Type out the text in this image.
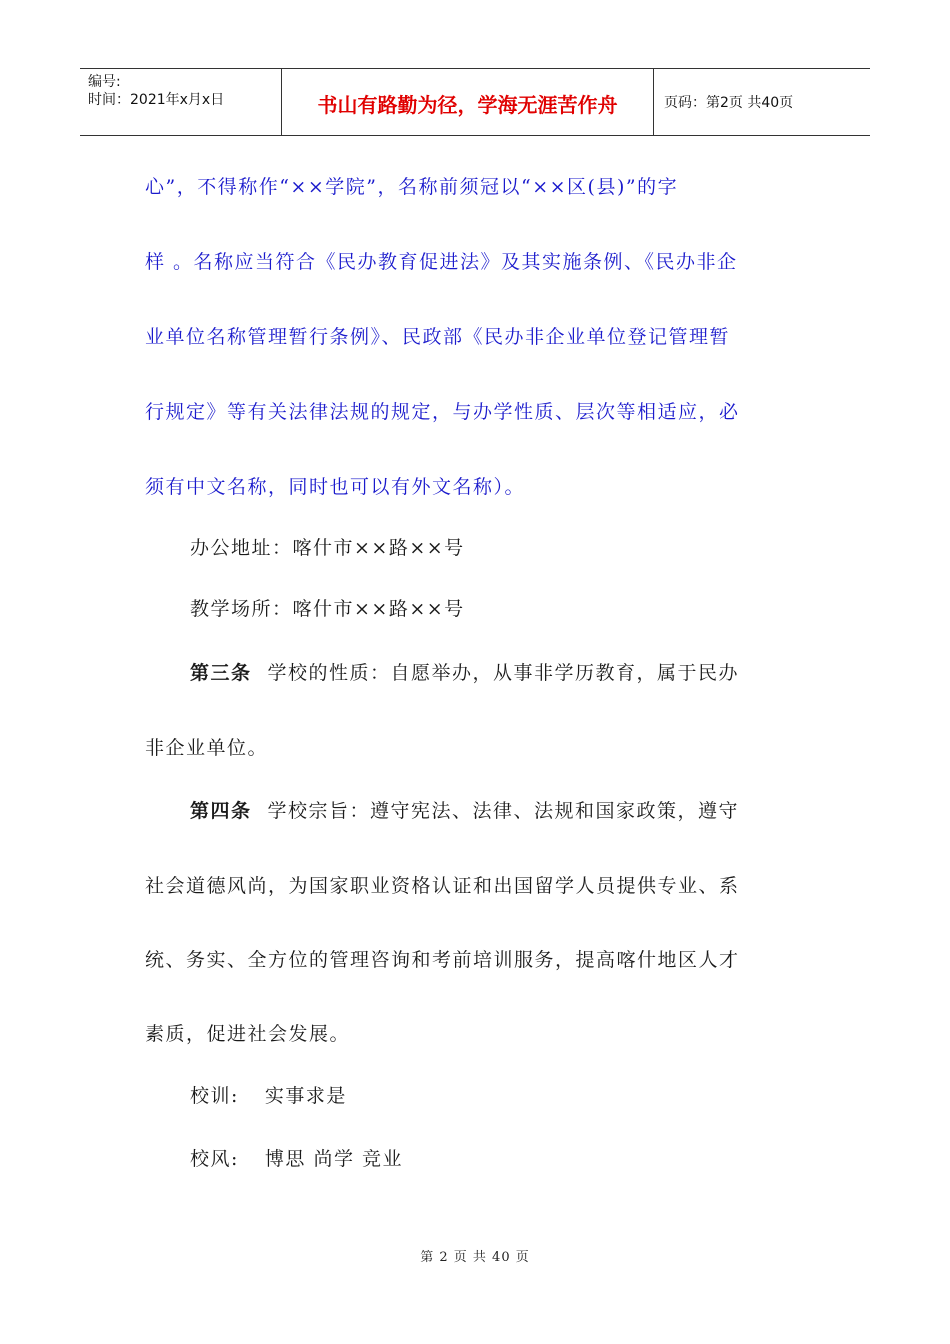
编号:
时间：2021年x月x日	书山有路勤为径，学海无涯苦作舟	页码：第2页 共40页
心”，不得称作“××学院”，名称前须冠以“××区(县)”的字
样 。名称应当符合《民办教育促进法》及其实施条例、《民办非企
业单位名称管理暂行条例》、民政部《民办非企业单位登记管理暂
行规定》等有关法律法规的规定，与办学性质、层次等相适应，必
须有中文名称，同时也可以有外文名称）。
办公地址：喀什市××路××号
教学场所：喀什市××路××号
第三条 学校的性质：自愿举办，从事非学历教育，属于民办
非企业单位。
第四条 学校宗旨：遵守宪法、法律、法规和国家政策，遵守
社会道德风尚，为国家职业资格认证和出国留学人员提供专业、系
统、务实、全方位的管理咨询和考前培训服务，提高喀什地区人才
素质，促进社会发展。
校训: 实事求是
校风: 博思 尚学 竞业
第 2 页 共 40 页
